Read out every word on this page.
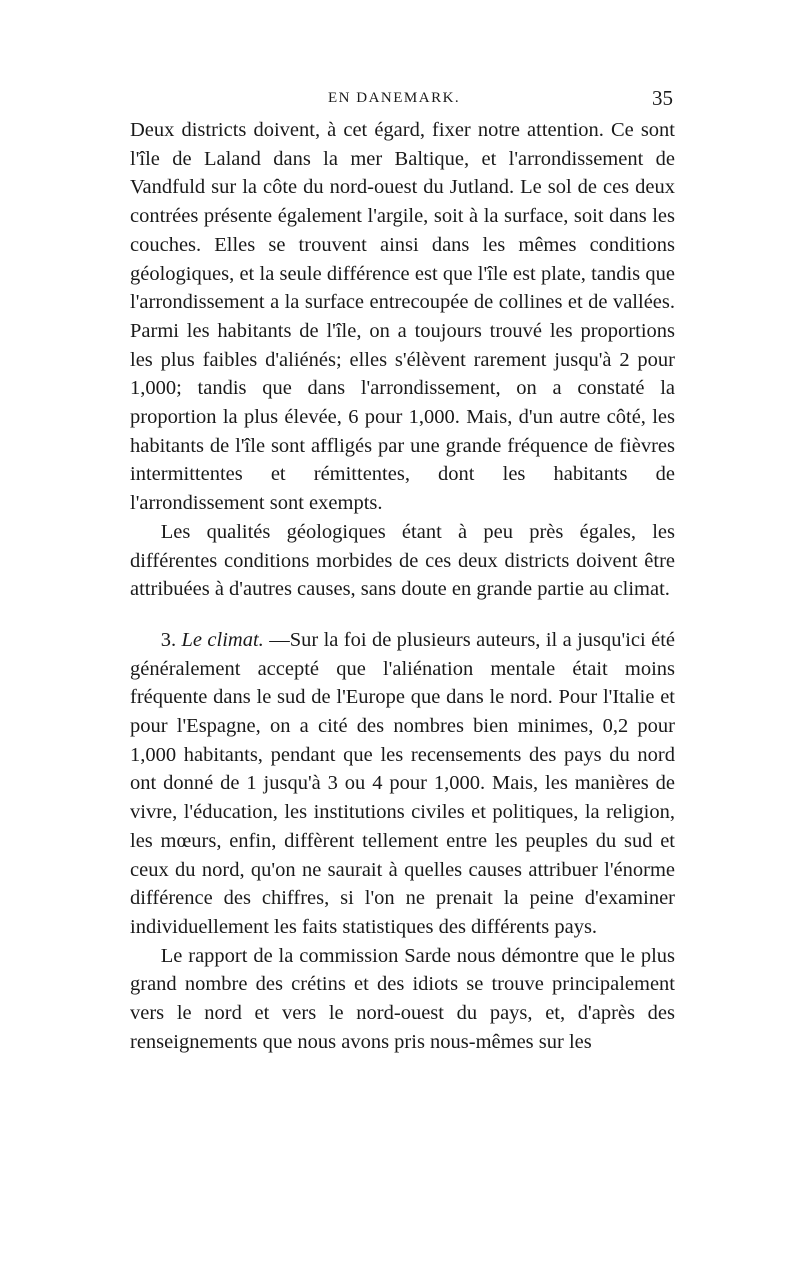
EN DANEMARK.	35

Deux districts doivent, à cet égard, fixer notre attention. Ce sont l'île de Laland dans la mer Baltique, et l'arrondissement de Vandfuld sur la côte du nord-ouest du Jutland. Le sol de ces deux contrées présente également l'argile, soit à la surface, soit dans les couches. Elles se trouvent ainsi dans les mêmes conditions géologiques, et la seule différence est que l'île est plate, tandis que l'arrondissement a la surface entrecoupée de collines et de vallées. Parmi les habitants de l'île, on a toujours trouvé les proportions les plus faibles d'aliénés; elles s'élèvent rarement jusqu'à 2 pour 1,000; tandis que dans l'arrondissement, on a constaté la proportion la plus élevée, 6 pour 1,000. Mais, d'un autre côté, les habitants de l'île sont affligés par une grande fréquence de fièvres intermittentes et rémittentes, dont les habitants de l'arrondissement sont exempts.

Les qualités géologiques étant à peu près égales, les différentes conditions morbides de ces deux districts doivent être attribuées à d'autres causes, sans doute en grande partie au climat.

3. Le climat. —Sur la foi de plusieurs auteurs, il a jusqu'ici été généralement accepté que l'aliénation mentale était moins fréquente dans le sud de l'Europe que dans le nord. Pour l'Italie et pour l'Espagne, on a cité des nombres bien minimes, 0,2 pour 1,000 habitants, pendant que les recensements des pays du nord ont donné de 1 jusqu'à 3 ou 4 pour 1,000. Mais, les manières de vivre, l'éducation, les institutions civiles et politiques, la religion, les mœurs, enfin, diffèrent tellement entre les peuples du sud et ceux du nord, qu'on ne saurait à quelles causes attribuer l'énorme différence des chiffres, si l'on ne prenait la peine d'examiner individuellement les faits statistiques des différents pays.

Le rapport de la commission Sarde nous démontre que le plus grand nombre des crétins et des idiots se trouve principalement vers le nord et vers le nord-ouest du pays, et, d'après des renseignements que nous avons pris nous-mêmes sur les
